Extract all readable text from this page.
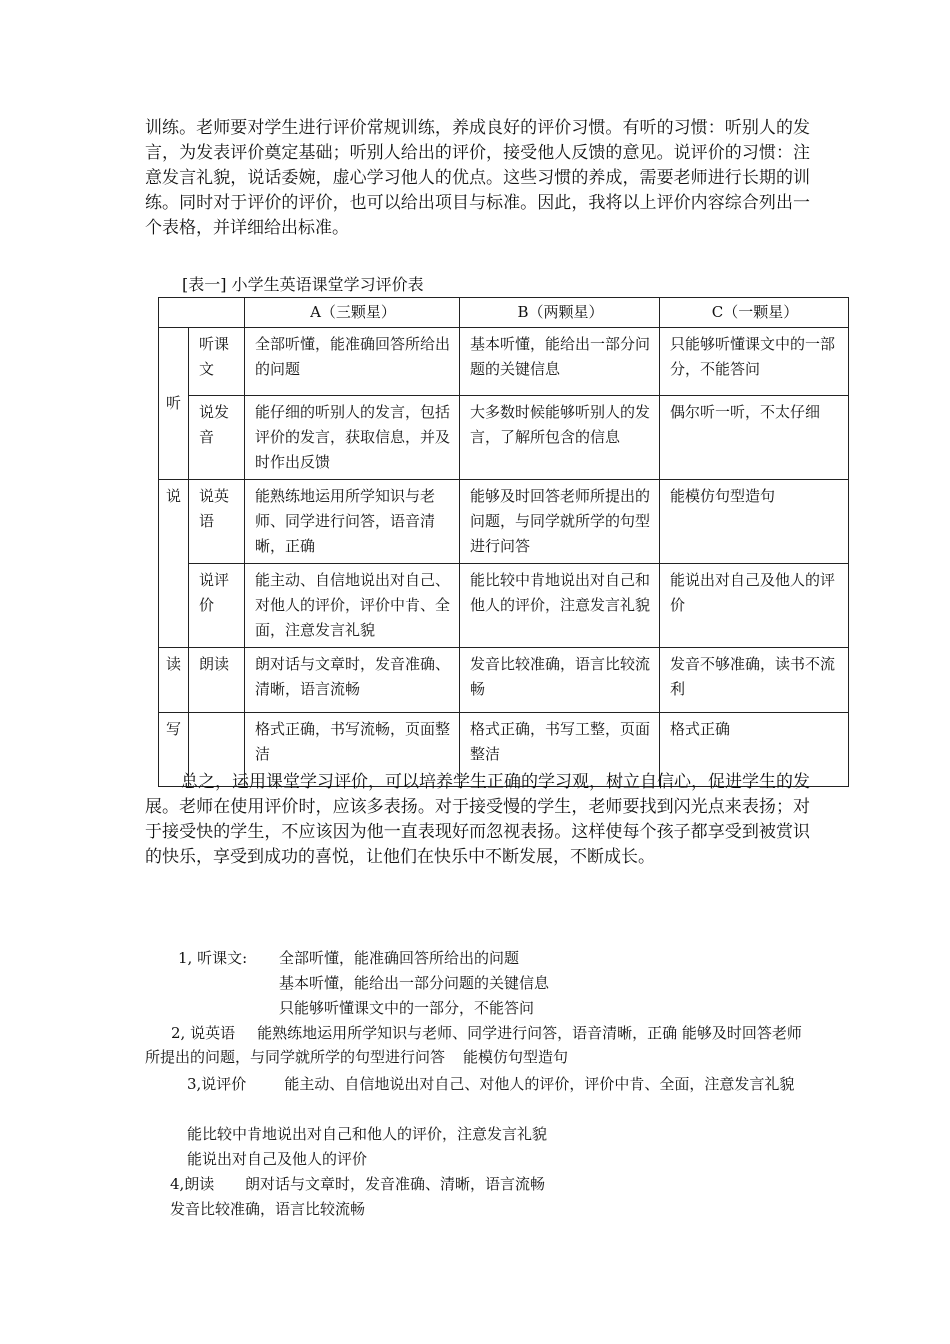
训练。老师要对学生进行评价常规训练，养成良好的评价习惯。有听的习惯：听别人的发言，为发表评价奠定基础；听别人给出的评价，接受他人反馈的意见。说评价的习惯：注意发言礼貌，说话委婉，虚心学习他人的优点。这些习惯的养成，需要老师进行长期的训练。同时对于评价的评价，也可以给出项目与标准。因此，我将以上评价内容综合列出一个表格，并详细给出标准。

[表一] 小学生英语课堂学习评价表
		A（三颗星）	B（两颗星）	C（一颗星）
听	听课文	全部听懂，能准确回答所给出的问题	基本听懂，能给出一部分问题的关键信息	只能够听懂课文中的一部分，不能答问
	说发音	能仔细的听别人的发言，包括评价的发言，获取信息，并及时作出反馈	大多数时候能够听别人的发言，了解所包含的信息	偶尔听一听，不太仔细
说	说英语	能熟练地运用所学知识与老师、同学进行问答，语音清晰，正确	能够及时回答老师所提出的问题，与同学就所学的句型进行问答	能模仿句型造句
	说评价	能主动、自信地说出对自己、对他人的评价，评价中肯、全面，注意发言礼貌	能比较中肯地说出对自己和他人的评价，注意发言礼貌	能说出对自己及他人的评价
读	朗读	朗对话与文章时，发音准确、清晰，语言流畅	发音比较准确，语言比较流畅	发音不够准确，读书不流利
写		格式正确，书写流畅，页面整洁	格式正确，书写工整，页面整洁	格式正确

总之，运用课堂学习评价，可以培养学生正确的学习观，树立自信心，促进学生的发展。老师在使用评价时，应该多表扬。对于接受慢的学生，老师要找到闪光点来表扬；对于接受快的学生，不应该因为他一直表现好而忽视表扬。这样使每个孩子都享受到被赏识的快乐，享受到成功的喜悦，让他们在快乐中不断发展，不断成长。

1, 听课文: 全部听懂，能准确回答所给出的问题
基本听懂，能给出一部分问题的关键信息
只能够听懂课文中的一部分，不能答问
2, 说英语 能熟练地运用所学知识与老师、同学进行问答，语音清晰，正确 能够及时回答老师所提出的问题，与同学就所学的句型进行问答 能模仿句型造句
3,说评价	能主动、自信地说出对自己、对他人的评价，评价中肯、全面，注意发言礼貌
能比较中肯地说出对自己和他人的评价，注意发言礼貌
能说出对自己及他人的评价
4,朗读 朗对话与文章时，发音准确、清晰，语言流畅
发音比较准确，语言比较流畅
